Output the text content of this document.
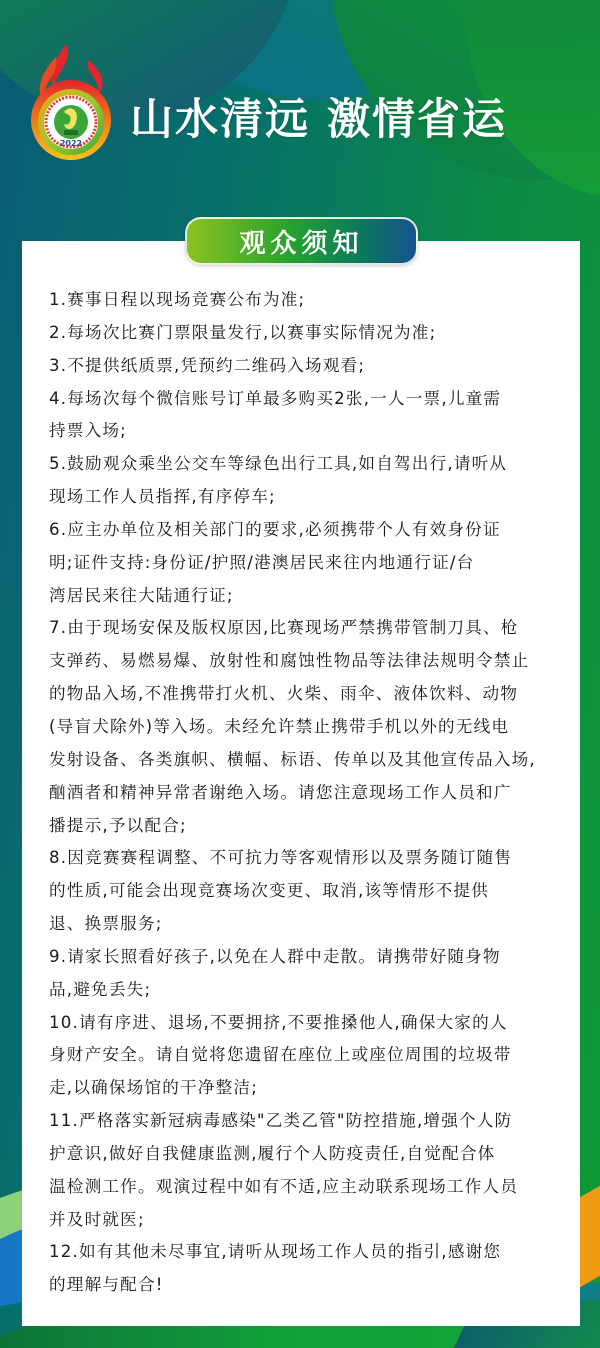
2022 山水清远 激情省运
观众须知
1.赛事日程以现场竞赛公布为准;
2.每场次比赛门票限量发行,以赛事实际情况为准;
3.不提供纸质票,凭预约二维码入场观看;
4.每场次每个微信账号订单最多购买2张,一人一票,儿童需
持票入场;
5.鼓励观众乘坐公交车等绿色出行工具,如自驾出行,请听从
现场工作人员指挥,有序停车;
6.应主办单位及相关部门的要求,必须携带个人有效身份证
明;证件支持:身份证/护照/港澳居民来往内地通行证/台
湾居民来往大陆通行证;
7.由于现场安保及版权原因,比赛现场严禁携带管制刀具、枪
支弹药、易燃易爆、放射性和腐蚀性物品等法律法规明令禁止
的物品入场,不准携带打火机、火柴、雨伞、液体饮料、动物
(导盲犬除外)等入场。未经允许禁止携带手机以外的无线电
发射设备、各类旗帜、横幅、标语、传单以及其他宣传品入场,
酗酒者和精神异常者谢绝入场。请您注意现场工作人员和广
播提示,予以配合;
8.因竞赛赛程调整、不可抗力等客观情形以及票务随订随售
的性质,可能会出现竞赛场次变更、取消,该等情形不提供
退、换票服务;
9.请家长照看好孩子,以免在人群中走散。请携带好随身物
品,避免丢失;
10.请有序进、退场,不要拥挤,不要推搡他人,确保大家的人
身财产安全。请自觉将您遗留在座位上或座位周围的垃圾带
走,以确保场馆的干净整洁;
11.严格落实新冠病毒感染"乙类乙管"防控措施,增强个人防
护意识,做好自我健康监测,履行个人防疫责任,自觉配合体
温检测工作。观演过程中如有不适,应主动联系现场工作人员
并及时就医;
12.如有其他未尽事宜,请听从现场工作人员的指引,感谢您
的理解与配合!
